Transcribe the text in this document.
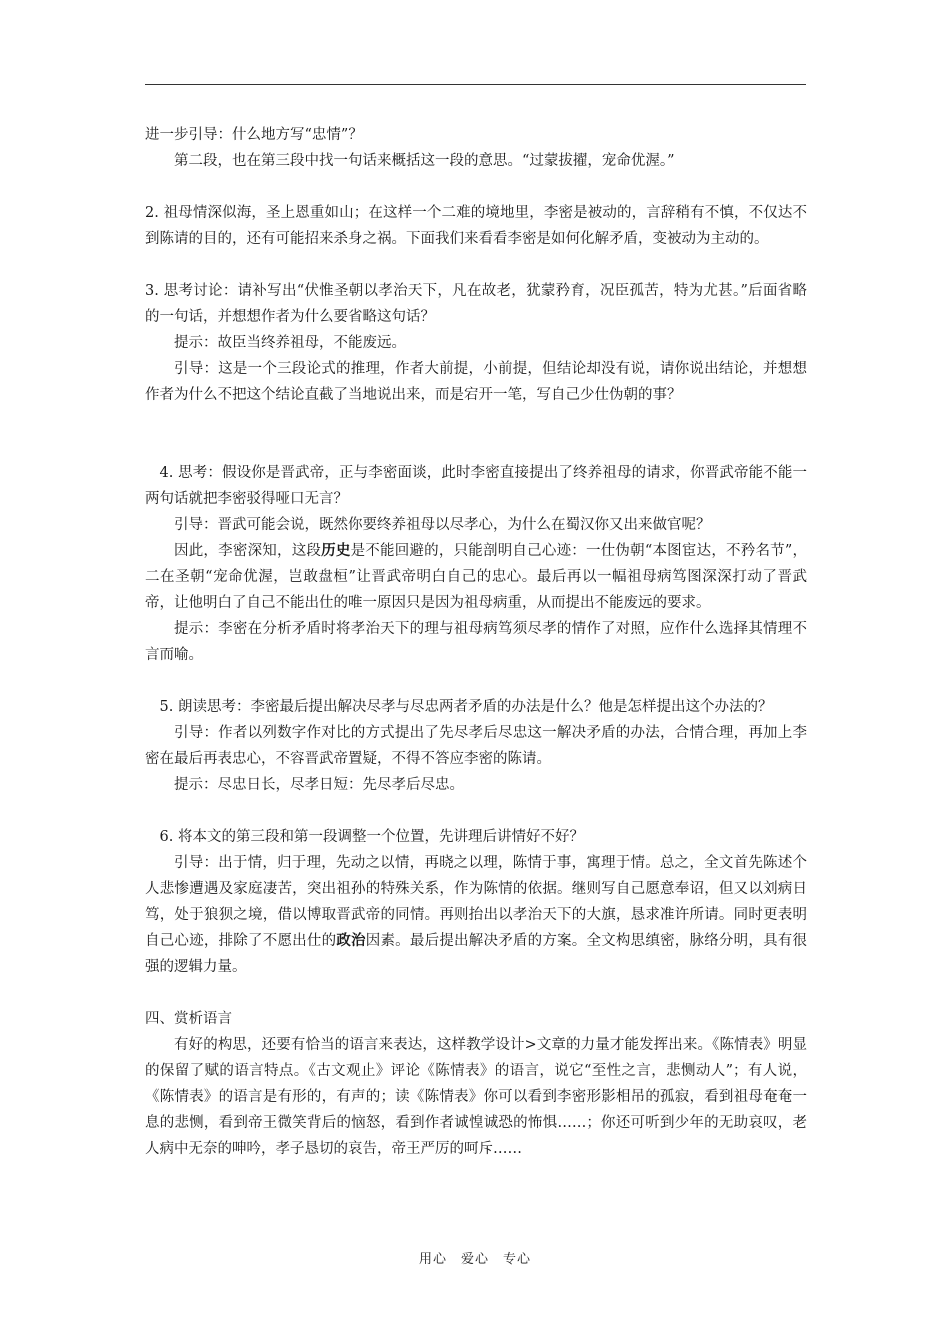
进一步引导：什么地方写“忠情”？

第二段，也在第三段中找一句话来概括这一段的意思。“过蒙拔擢，宠命优渥。”

2. 祖母情深似海，圣上恩重如山；在这样一个二难的境地里，李密是被动的，言辞稍有不慎，不仅达不到陈请的目的，还有可能招来杀身之祸。下面我们来看看李密是如何化解矛盾，变被动为主动的。

3. 思考讨论：请补写出“伏惟圣朝以孝治天下，凡在故老，犹蒙矜育，况臣孤苦，特为尤甚。”后面省略的一句话，并想想作者为什么要省略这句话？

提示：故臣当终养祖母，不能废远。

引导：这是一个三段论式的推理，作者大前提，小前提，但结论却没有说，请你说出结论，并想想作者为什么不把这个结论直截了当地说出来，而是宕开一笔，写自己少仕伪朝的事？

4. 思考：假设你是晋武帝，正与李密面谈，此时李密直接提出了终养祖母的请求，你晋武帝能不能一两句话就把李密驳得哑口无言？

引导：晋武可能会说，既然你要终养祖母以尽孝心，为什么在蜀汉你又出来做官呢？

因此，李密深知，这段历史是不能回避的，只能剖明自己心迹：一仕伪朝“本图宦达，不矜名节”，二在圣朝“宠命优渥，岂敢盘桓”让晋武帝明白自己的忠心。最后再以一幅祖母病笃图深深打动了晋武帝，让他明白了自己不能出仕的唯一原因只是因为祖母病重，从而提出不能废远的要求。

提示：李密在分析矛盾时将孝治天下的理与祖母病笃须尽孝的情作了对照，应作什么选择其情理不言而喻。

5. 朗读思考：李密最后提出解决尽孝与尽忠两者矛盾的办法是什么？他是怎样提出这个办法的？

引导：作者以列数字作对比的方式提出了先尽孝后尽忠这一解决矛盾的办法，合情合理，再加上李密在最后再表忠心，不容晋武帝置疑，不得不答应李密的陈请。

提示：尽忠日长，尽孝日短：先尽孝后尽忠。

6. 将本文的第三段和第一段调整一个位置，先讲理后讲情好不好？

引导：出于情，归于理，先动之以情，再晓之以理，陈情于事，寓理于情。总之，全文首先陈述个人悲惨遭遇及家庭凄苦，突出祖孙的特殊关系，作为陈情的依据。继则写自己愿意奉诏，但又以刘病日笃，处于狼狈之境，借以博取晋武帝的同情。再则抬出以孝治天下的大旗，恳求准许所请。同时更表明自己心迹，排除了不愿出仕的政治因素。最后提出解决矛盾的方案。全文构思缜密，脉络分明，具有很强的逻辑力量。

四、赏析语言

有好的构思，还要有恰当的语言来表达，这样教学设计>文章的力量才能发挥出来。《陈情表》明显的保留了赋的语言特点。《古文观止》评论《陈情表》的语言，说它“至性之言，悲恻动人”；有人说，《陈情表》的语言是有形的，有声的；读《陈情表》你可以看到李密形影相吊的孤寂，看到祖母奄奄一息的悲恻，看到帝王微笑背后的恼怒，看到作者诚惶诚恐的怖惧……；你还可听到少年的无助哀叹，老人病中无奈的呻吟，孝子恳切的哀告，帝王严厉的呵斥……

用心　爱心　专心
